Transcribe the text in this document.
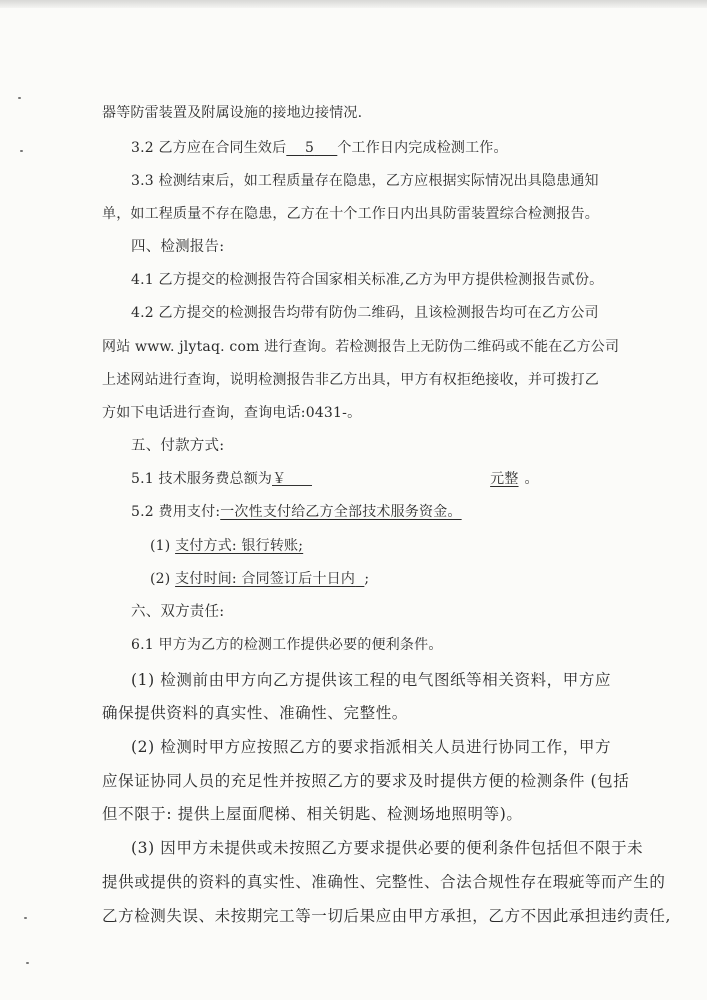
器等防雷装置及附属设施的接地边接情况.
3.2 乙方应在合同生效后 5 个工作日内完成检测工作。
3.3 检测结束后，如工程质量存在隐患，乙方应根据实际情况出具隐患通知
单，如工程质量不存在隐患，乙方在十个工作日内出具防雷装置综合检测报告。
四、检测报告:
4.1 乙方提交的检测报告符合国家相关标准,乙方为甲方提供检测报告贰份。
4.2 乙方提交的检测报告均带有防伪二维码，且该检测报告均可在乙方公司
网站 www. jlytaq. com 进行查询。若检测报告上无防伪二维码或不能在乙方公司
上述网站进行查询，说明检测报告非乙方出具，甲方有权拒绝接收，并可拨打乙
方如下电话进行查询，查询电话:0431-。
五、付款方式:
5.1 技术服务费总额为￥	元整 。
5.2 费用支付:一次性支付给乙方全部技术服务资金。
(1) 支付方式: 银行转账;
(2) 支付时间: 合同签订后十日内 ;
六、双方责任:
6.1 甲方为乙方的检测工作提供必要的便利条件。
(1) 检测前由甲方向乙方提供该工程的电气图纸等相关资料，甲方应
确保提供资料的真实性、准确性、完整性。
(2) 检测时甲方应按照乙方的要求指派相关人员进行协同工作，甲方
应保证协同人员的充足性并按照乙方的要求及时提供方便的检测条件 (包括
但不限于: 提供上屋面爬梯、相关钥匙、检测场地照明等)。
(3) 因甲方未提供或未按照乙方要求提供必要的便利条件包括但不限于未
提供或提供的资料的真实性、准确性、完整性、合法合规性存在瑕疵等而产生的
乙方检测失误、未按期完工等一切后果应由甲方承担，乙方不因此承担违约责任,
